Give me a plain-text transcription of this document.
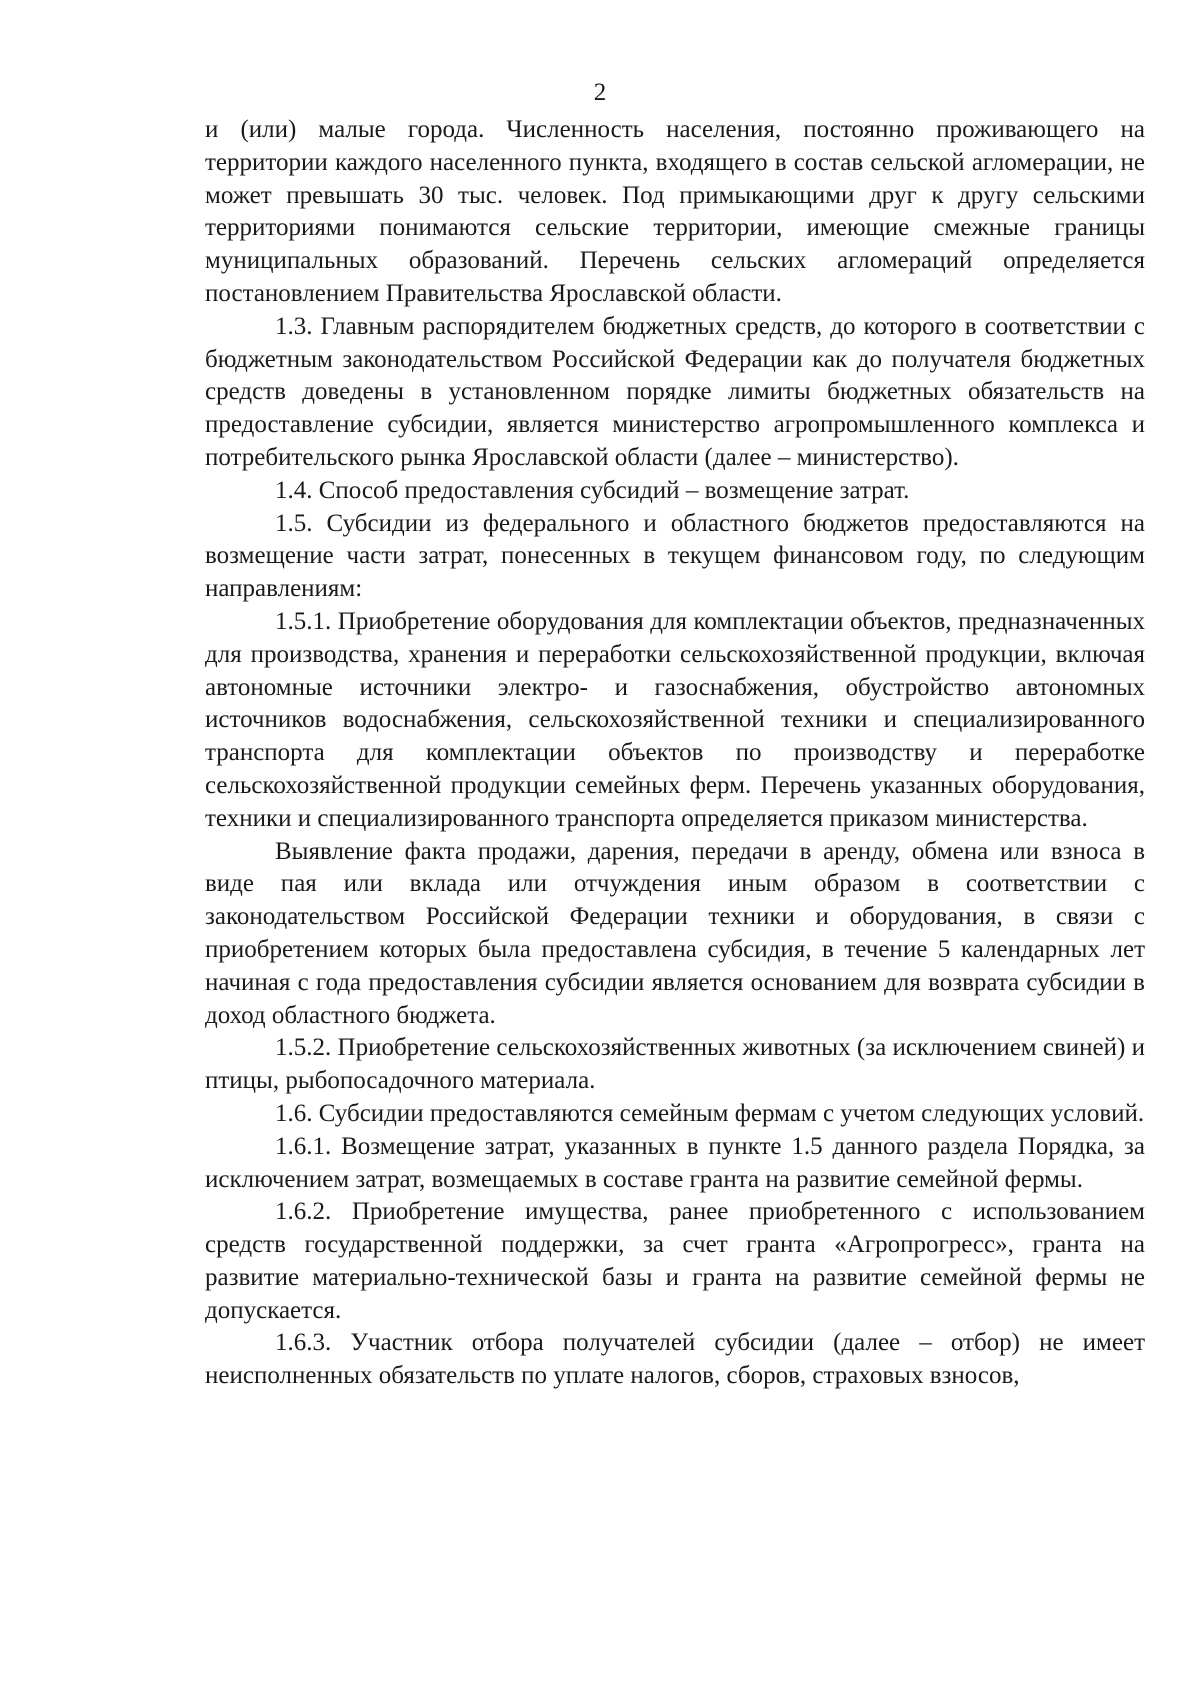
2

и (или) малые города. Численность населения, постоянно проживающего на территории каждого населенного пункта, входящего в состав сельской агломерации, не может превышать 30 тыс. человек. Под примыкающими друг к другу сельскими территориями понимаются сельские территории, имеющие смежные границы муниципальных образований. Перечень сельских агломераций определяется постановлением Правительства Ярославской области.

1.3. Главным распорядителем бюджетных средств, до которого в соответствии с бюджетным законодательством Российской Федерации как до получателя бюджетных средств доведены в установленном порядке лимиты бюджетных обязательств на предоставление субсидии, является министерство агропромышленного комплекса и потребительского рынка Ярославской области (далее – министерство).

1.4. Способ предоставления субсидий – возмещение затрат.

1.5. Субсидии из федерального и областного бюджетов предоставляются на возмещение части затрат, понесенных в текущем финансовом году, по следующим направлениям:

1.5.1. Приобретение оборудования для комплектации объектов, предназначенных для производства, хранения и переработки сельскохозяйственной продукции, включая автономные источники электро- и газоснабжения, обустройство автономных источников водоснабжения, сельскохозяйственной техники и специализированного транспорта для комплектации объектов по производству и переработке сельскохозяйственной продукции семейных ферм. Перечень указанных оборудования, техники и специализированного транспорта определяется приказом министерства.

Выявление факта продажи, дарения, передачи в аренду, обмена или взноса в виде пая или вклада или отчуждения иным образом в соответствии с законодательством Российской Федерации техники и оборудования, в связи с приобретением которых была предоставлена субсидия, в течение 5 календарных лет начиная с года предоставления субсидии является основанием для возврата субсидии в доход областного бюджета.

1.5.2. Приобретение сельскохозяйственных животных (за исключением свиней) и птицы, рыбопосадочного материала.

1.6. Субсидии предоставляются семейным фермам с учетом следующих условий.

1.6.1. Возмещение затрат, указанных в пункте 1.5 данного раздела Порядка, за исключением затрат, возмещаемых в составе гранта на развитие семейной фермы.

1.6.2. Приобретение имущества, ранее приобретенного с использованием средств государственной поддержки, за счет гранта «Агропрогресс», гранта на развитие материально-технической базы и гранта на развитие семейной фермы не допускается.

1.6.3. Участник отбора получателей субсидии (далее – отбор) не имеет неисполненных обязательств по уплате налогов, сборов, страховых взносов,
